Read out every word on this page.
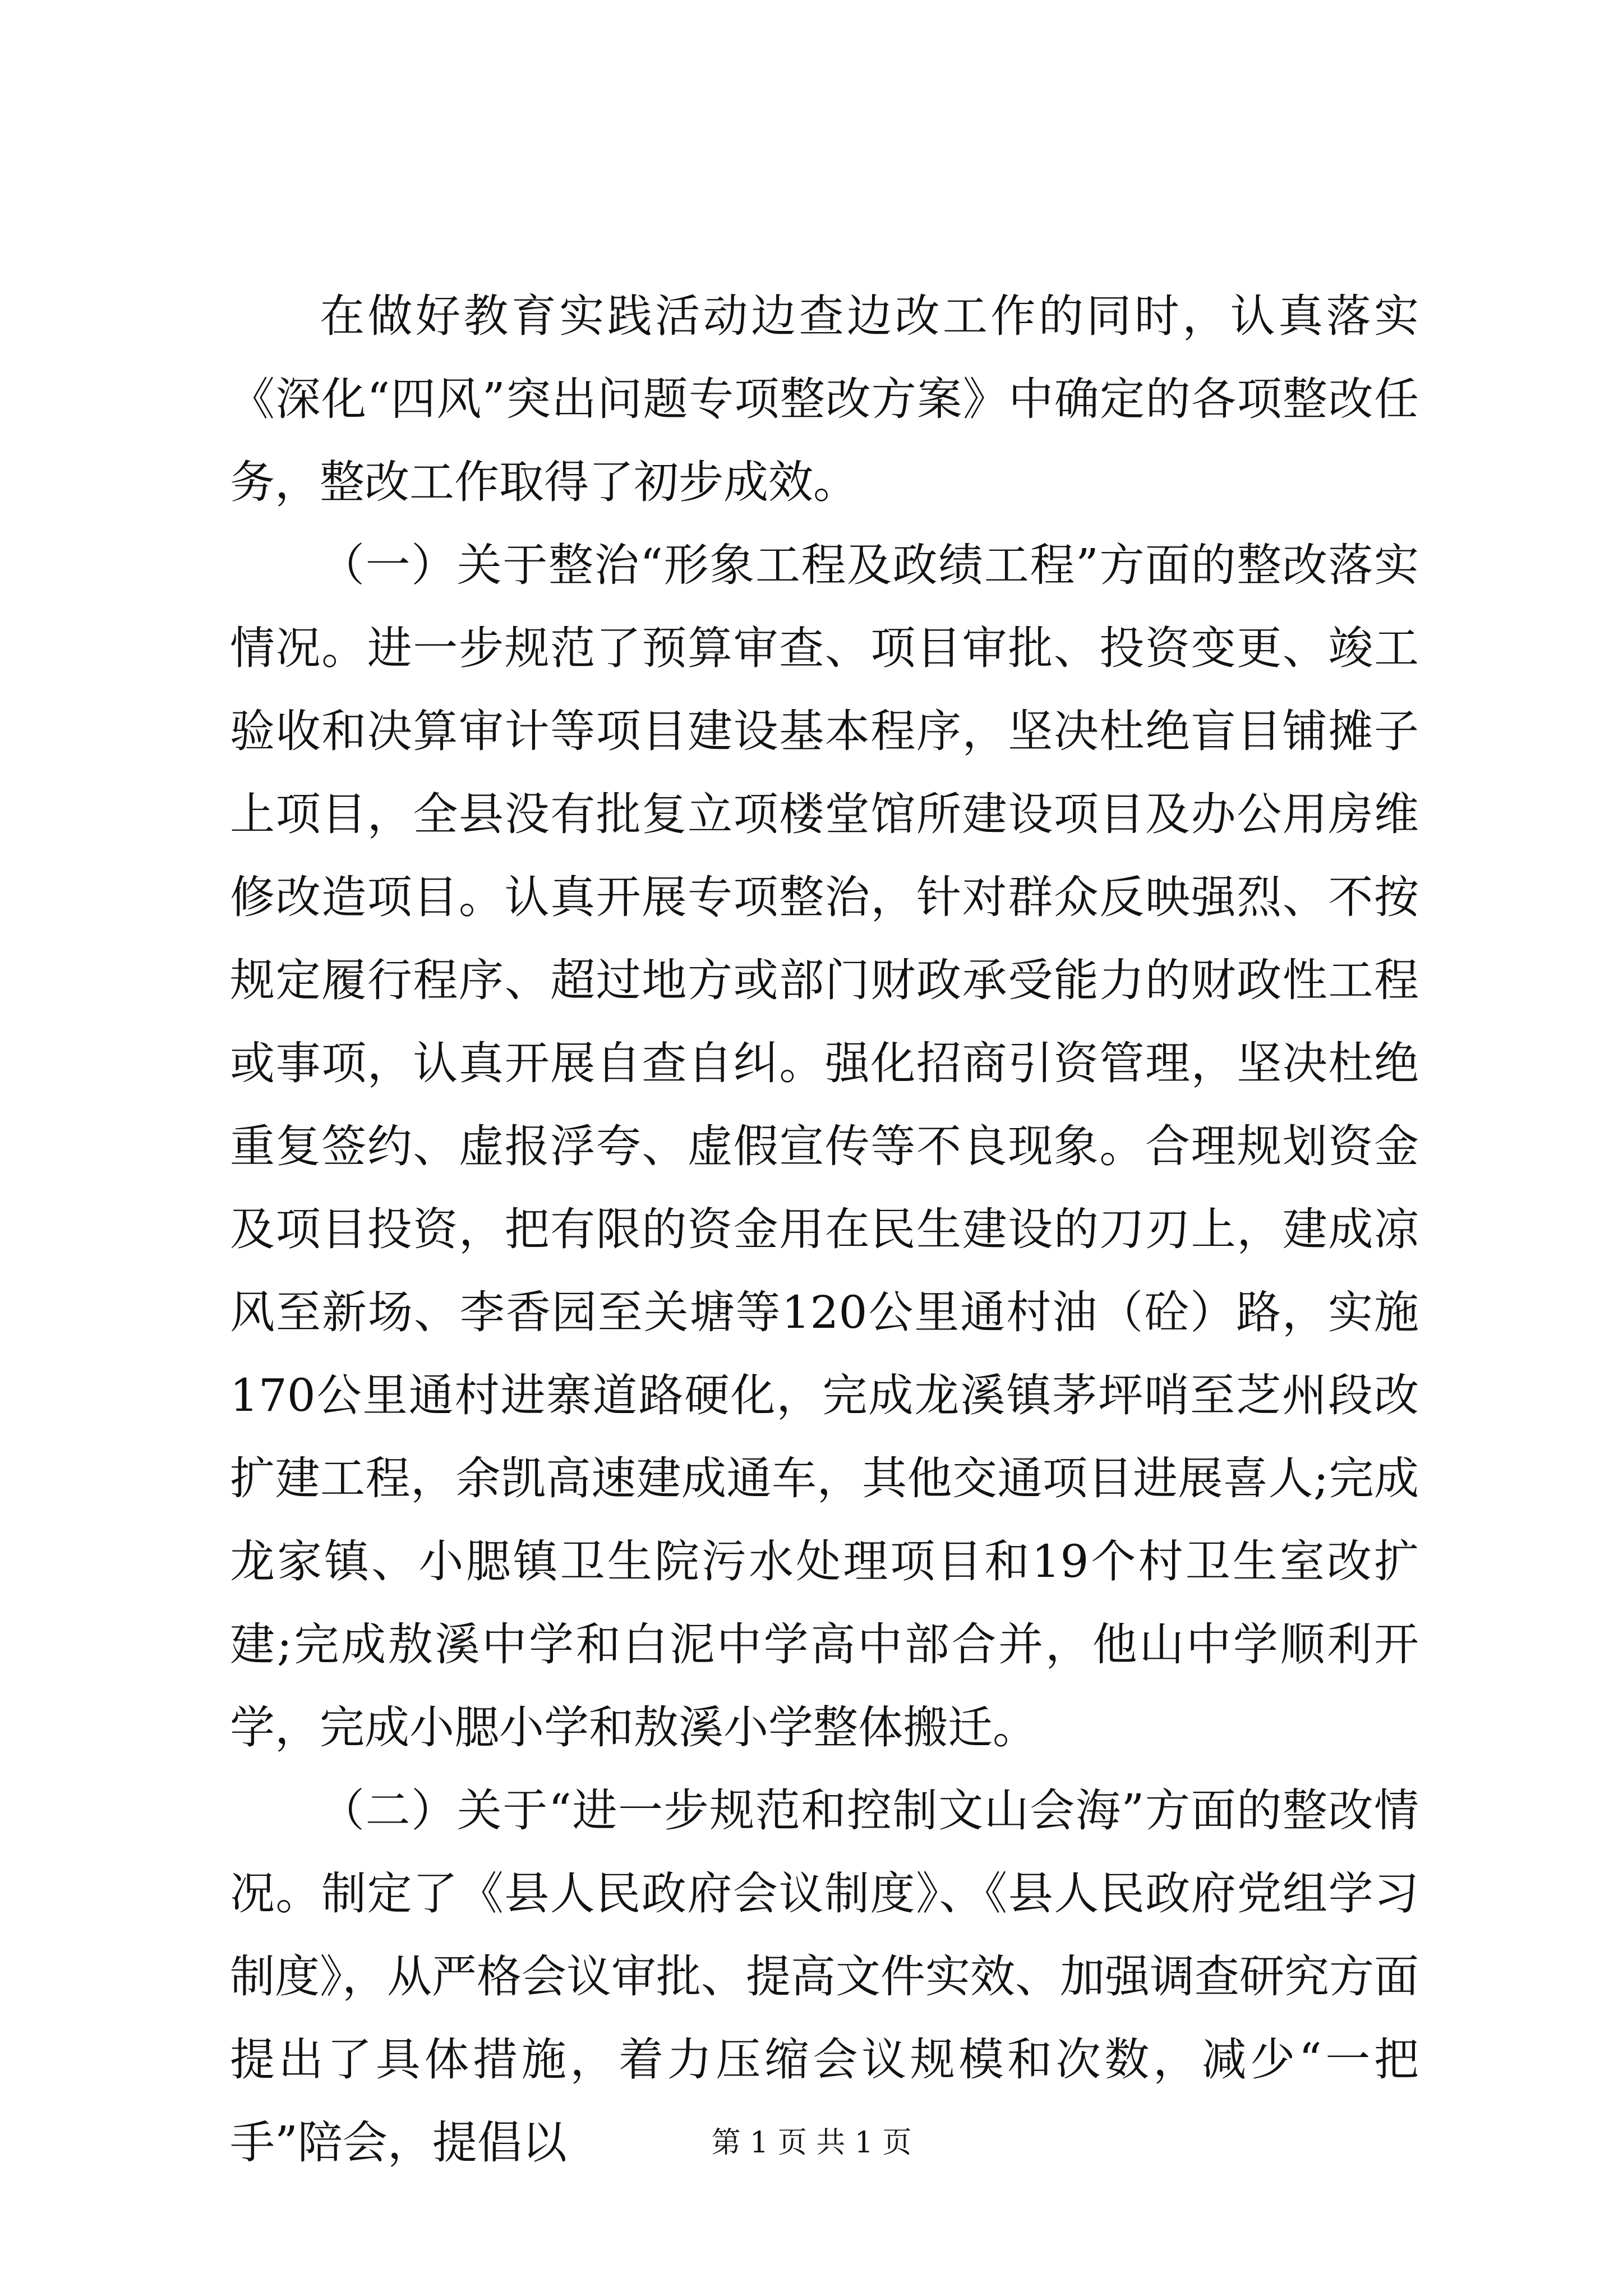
在做好教育实践活动边查边改工作的同时，认真落实《深化“四风”突出问题专项整改方案》中确定的各项整改任务，整改工作取得了初步成效。

（一）关于整治“形象工程及政绩工程”方面的整改落实情况。进一步规范了预算审查、项目审批、投资变更、竣工验收和决算审计等项目建设基本程序，坚决杜绝盲目铺摊子上项目，全县没有批复立项楼堂馆所建设项目及办公用房维修改造项目。认真开展专项整治，针对群众反映强烈、不按规定履行程序、超过地方或部门财政承受能力的财政性工程或事项，认真开展自查自纠。强化招商引资管理，坚决杜绝重复签约、虚报浮夸、虚假宣传等不良现象。合理规划资金及项目投资，把有限的资金用在民生建设的刀刃上，建成凉风至新场、李香园至关塘等120公里通村油（砼）路，实施170公里通村进寨道路硬化，完成龙溪镇茅坪哨至芝州段改扩建工程，余凯高速建成通车，其他交通项目进展喜人;完成龙家镇、小腮镇卫生院污水处理项目和19个村卫生室改扩建;完成敖溪中学和白泥中学高中部合并，他山中学顺利开学，完成小腮小学和敖溪小学整体搬迁。

（二）关于“进一步规范和控制文山会海”方面的整改情况。制定了《县人民政府会议制度》、《县人民政府党组学习制度》，从严格会议审批、提高文件实效、加强调查研究方面提出了具体措施，着力压缩会议规模和次数，减少“一把手”陪会，提倡以	第 1 页 共 1 页
